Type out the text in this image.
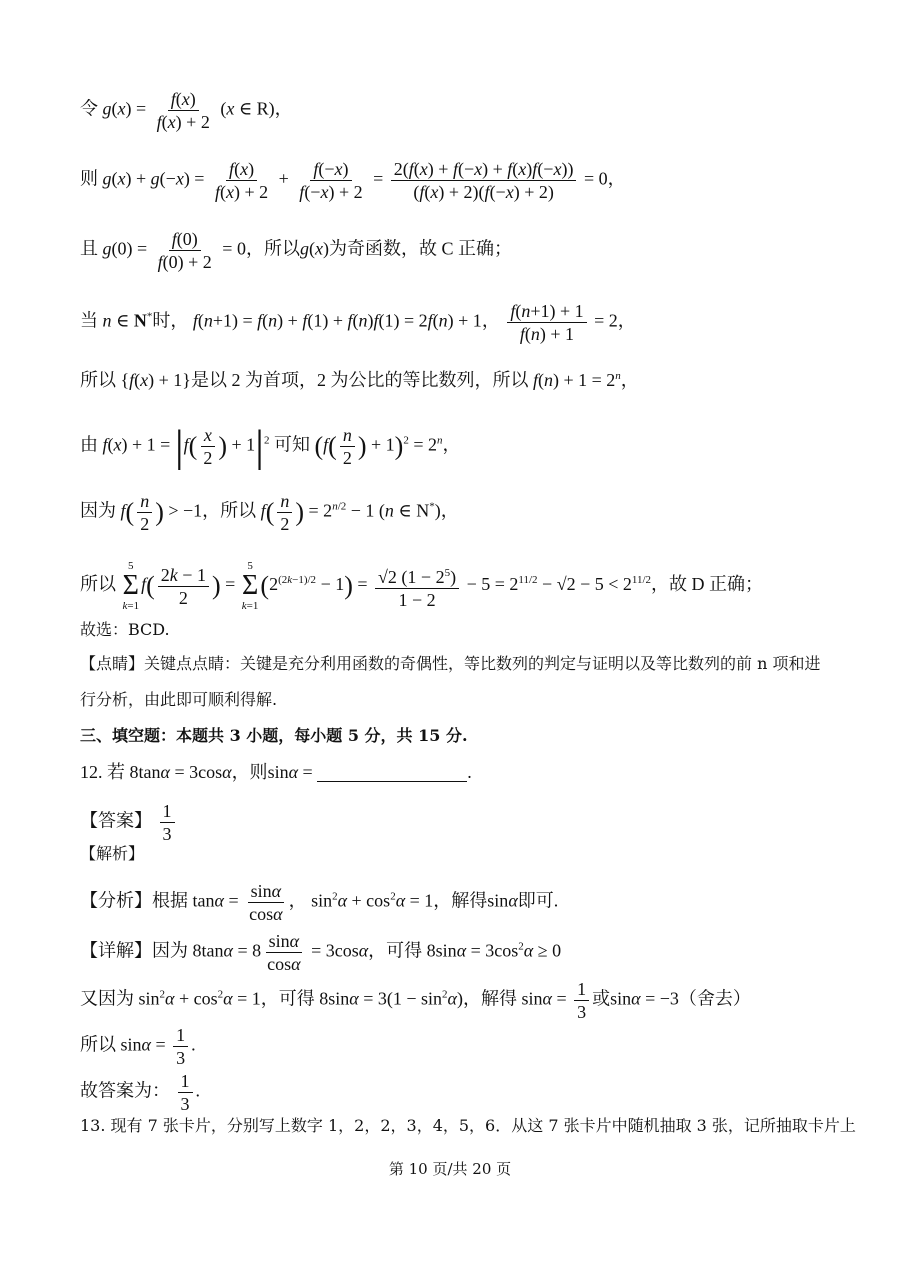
令 $g(x) = \frac{f(x)}{f(x) + 2} (x$ ∈ R)，
则 $g(x) + g(-x) = \frac{f(x)}{f(x) + 2} + \frac{f(-x)}{f(-x) + 2} = \frac{2(f(x) + f(-x) + f(x)f(-x))}{(f(x) + 2)(f(-x) + 2)} = 0$，
且 $g(0) = \frac{f(0)}{f(0) + 2} = 0$，所以g(x)为奇函数，故 C 正确；
当 n ∈ N*时， f(n+1) = f(n) + f(1) + f(n)f(1) = 2f(n) + 1， $\frac{f(n+1) + 1}{f(n) + 1} = 2$，
所以 {f(x) + 1}是以 2 为首项，2 为公比的等比数列，所以 $f(n) + 1 = 2^n$，
由 $f(x) + 1 = |f( \frac{x}{2}$ ) + $1|^2$ 可知 ($f( \frac{n}{2}$ ) + $1)^2 = 2^n$，
因为 $f( \frac{n}{2}$ ) > −1，所以 $f( \frac{n}{2}$ ) = $2^{n/2} - 1$ (n ∈ N*)，
所以
5
Σ
k=1
$f( \frac{2k - 1}{2}$ ) =
5
Σ
k=1
$(2^{(2k-1)/2} - 1) = \frac{√2 (1 - 2^5)}{1 - 2} - 5 = 2^{11/2} - √2 - 5 < 2^{11/2}$，故 D 正确；
故选：BCD.
【点睛】关键点点睛：关键是充分利用函数的奇偶性，等比数列的判定与证明以及等比数列的前 n 项和进
行分析，由此即可顺利得解.
三、填空题：本题共 3 小题，每小题 5 分，共 15 分.
12. 若 8tanα = 3cosα，则sinα =	.
【答案】 $\frac{1}{3}$
【解析】
【分析】根据 $\tan\alpha = \frac{\sin\alpha}{\cos\alpha}$ ， $\sin^2\alpha + \cos^2\alpha = 1$，解得sinα即可.
【详解】因为 $8\tan\alpha = 8 \frac{\sin\alpha}{\cos\alpha} = 3\cos\alpha$，可得 $8\sin\alpha = 3\cos^2\alpha \ge 0$
又因为 $\sin^2\alpha + \cos^2\alpha = 1$，可得 $8\sin\alpha = 3(1 - \sin^2\alpha)$，解得 $\sin\alpha = \frac{1}{3}$ 或sinα = −3（舍去）
所以 $\sin\alpha = \frac{1}{3}$ .
故答案为： $\frac{1}{3}$ .
13. 现有 7 张卡片，分别写上数字 1，2，2，3，4，5，6．从这 7 张卡片中随机抽取 3 张，记所抽取卡片上
第 10 页/共 20 页
